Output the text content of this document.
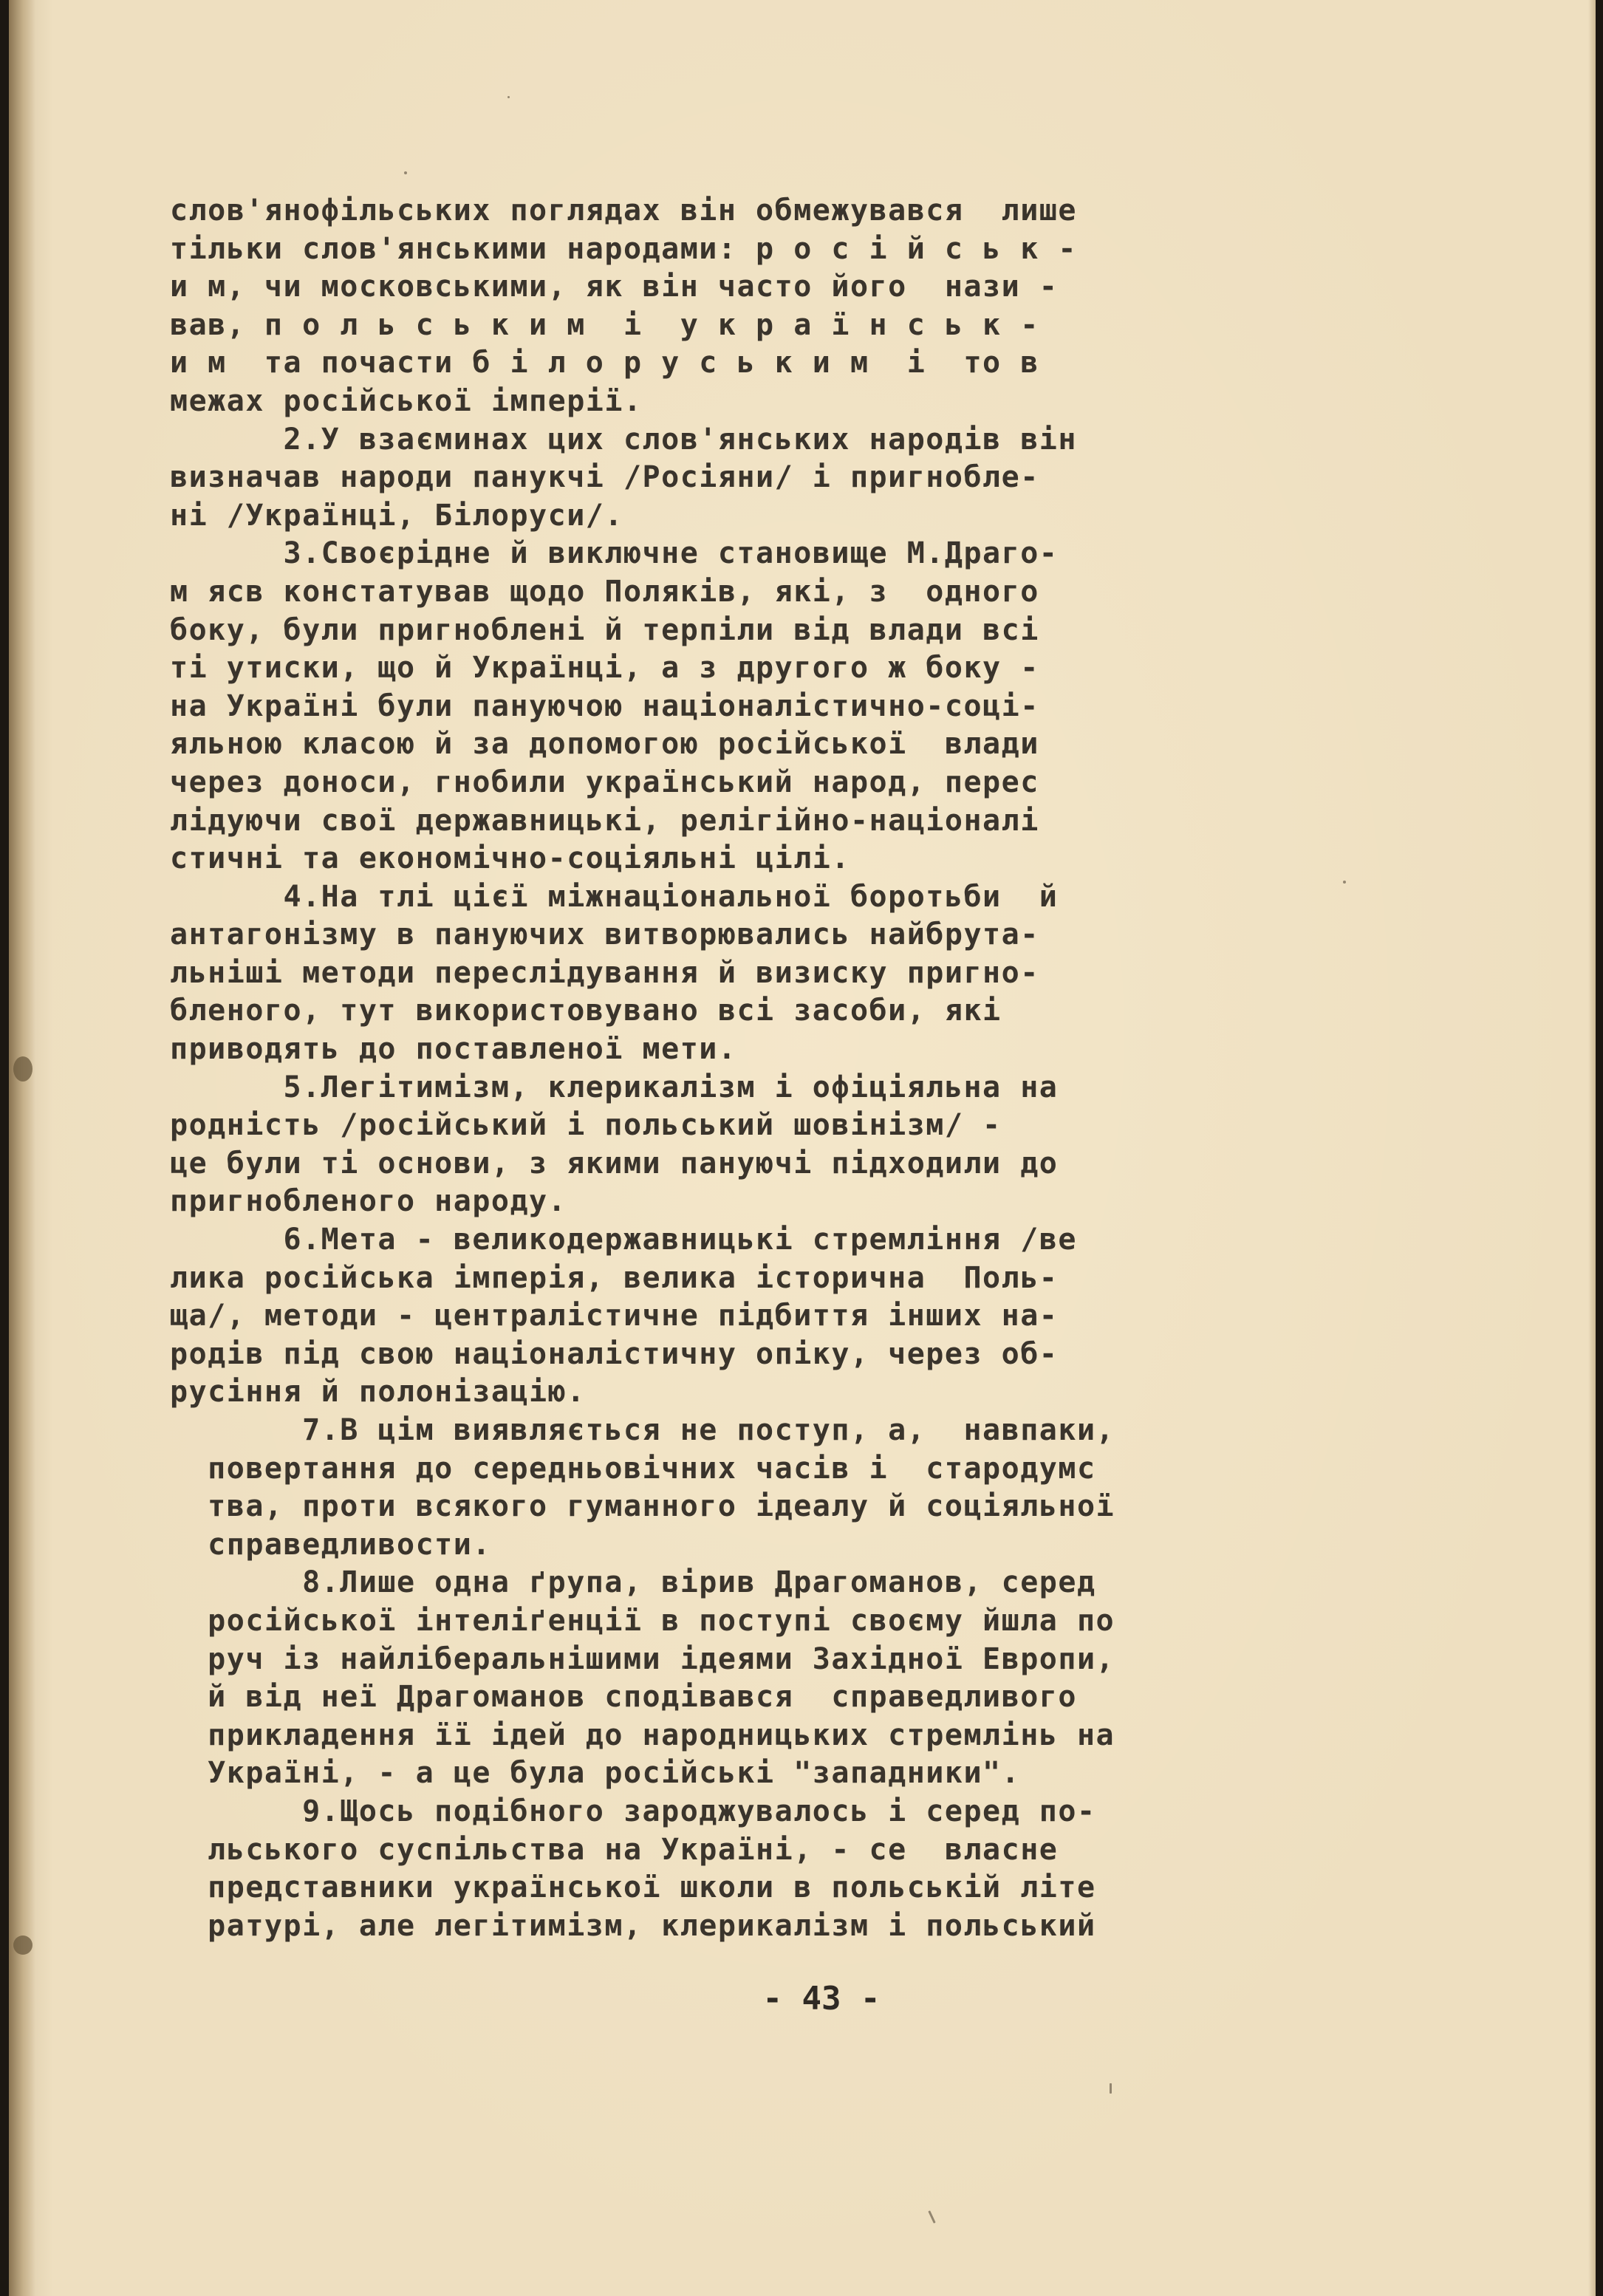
слов'янофільських поглядах він обмежувався  лише
тільки слов'янськими народами: р о с і й с ь к -
и м, чи московськими, як він часто його  нази -
вав, п о л ь с ь к и м  і  у к р а ї н с ь к -
и м  та почасти б і л о р у с ь к и м  і  то в
межах російської імперії.
2.У взаєминах цих слов'янських народів він
визначав народи панукчі /Росіяни/ і пригноблe-
ні /Українці, Білоруси/.
3.Своєрідне й виключне становище М.Драго-
м ясв констатував щодо Поляків, які, з  одного
боку, були пригноблені й терпіли від влади всі
ті утиски, що й Українці, а з другого ж боку -
на Україні були пануючою націоналістично-соці-
яльною класою й за допомогою російської  влади
через доноси, гнобили український народ, перес
лідуючи свої державницькі, релігійно-націоналі
стичні та економічно-соціяльні цілі.
4.На тлі цієї міжнаціональної боротьби  й
антагонізму в пануючих витворювались найбрута-
льніші методи переслідування й визиску пригно-
бленого, тут використовувано всі засоби, які
приводять до поставленої мети.
5.Легітимізм, клерикалізм і офіціяльна на
родність /російський і польський шовінізм/ -
це були ті основи, з якими пануючі підходили до
пригнобленого народу.
6.Мета - великодержавницькі стремління /ве
лика російська імперія, велика історична  Поль-
ща/, методи - централістичне підбиття інших на-
родів під свою націоналістичну опіку, через об-
русіння й полонізацію.
7.В цім виявляється не поступ, а,  навпаки,
повертання до середньовічних часів і  стародумс
тва, проти всякого гуманного ідеалу й соціяльної
справедливости.
8.Лише одна ґрупа, вірив Драгоманов, серед
російської інтеліґенції в поступі своєму йшла по
руч із найліберальнішими ідеями Західної Европи,
й від неї Драгоманов сподівався  справедливого
прикладення її ідей до народницьких стремлінь на
Україні, - а це була російські "западники".
9.Щось подібного зароджувалось і серед по-
льського суспільства на Україні, - се  власне
представники української школи в польській літе
ратурі, але легітимізм, клерикалізм і польський
- 43 -
